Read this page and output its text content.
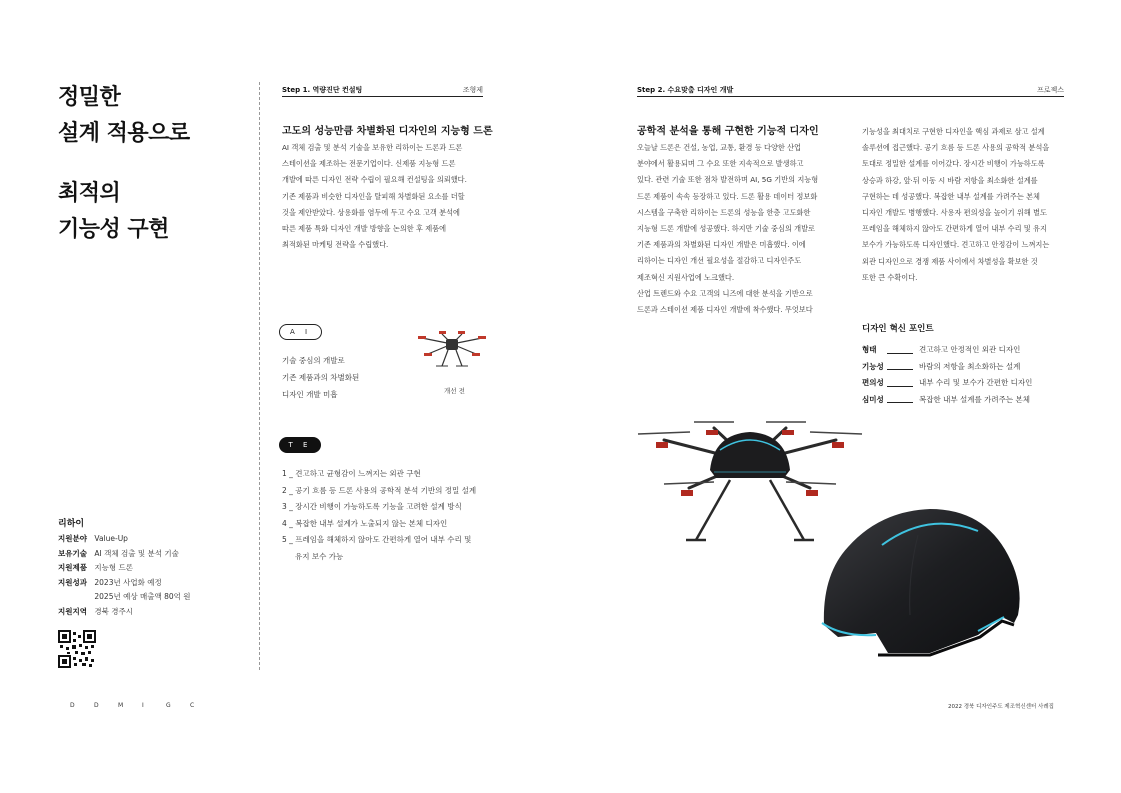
정밀한
설계 적용으로
최적의
기능성 구현
리하이
지원분야 Value-Up
보유기술 AI 객체 검출 및 분석 기술
지원제품 지능형 드론
지원성과 2023년 사업화 예정
2025년 예상 매출액 80억 원
지원지역 경북 경주시
D	D	M	I	G	C
Step 1. 역량진단 컨설팅	조형제
고도의 성능만큼 차별화된 디자인의 지능형 드론
AI 객체 검출 및 분석 기술을 보유한 리하이는 드론과 드론
스테이션을 제조하는 전문기업이다. 신제품 지능형 드론
개발에 따른 디자인 전략 수립이 필요해 컨설팅을 의뢰했다.
기존 제품과 비슷한 디자인을 탈피해 차별화된 요소를 더할
것을 제안받았다. 상용화를 염두에 두고 수요 고객 분석에
따른 제품 특화 디자인 개발 방향을 논의한 후 제품에
최적화된 마케팅 전략을 수립했다.
A I
기술 중심의 개발로
기존 제품과의 차별화된
디자인 개발 미흡	개선 전
T E
1 _ 견고하고 균형감이 느껴지는 외관 구현
2 _ 공기 흐름 등 드론 사용의 공학적 분석 기반의 정밀 설계
3 _ 장시간 비행이 가능하도록 기능을 고려한 설계 방식
4 _ 복잡한 내부 설계가 노출되지 않는 본체 디자인
5 _ 프레임을 해체하지 않아도 간편하게 열어 내부 수리 및
유지 보수 가능
Step 2. 수요맞춤 디자인 개발	프로젝스
공학적 분석을 통해 구현한 기능적 디자인
오늘날 드론은 건설, 농업, 교통, 환경 등 다양한 산업
분야에서 활용되며 그 수요 또한 지속적으로 발생하고
있다. 관련 기술 또한 점차 발전하며 AI, 5G 기반의 지능형
드론 제품이 속속 등장하고 있다. 드론 활용 데이터 정보화
시스템을 구축한 리하이는 드론의 성능을 한층 고도화한
지능형 드론 개발에 성공했다. 하지만 기술 중심의 개발로
기존 제품과의 차별화된 디자인 개발은 미흡했다. 이에
리하이는 디자인 개선 필요성을 절감하고 디자인주도
제조혁신 지원사업에 노크했다.
산업 트렌드와 수요 고객의 니즈에 대한 분석을 기반으로
드론과 스테이션 제품 디자인 개발에 착수했다. 무엇보다
기능성을 최대치로 구현한 디자인을 핵심 과제로 삼고 설계
솔루션에 접근했다. 공기 흐름 등 드론 사용의 공학적 분석을
토대로 정밀한 설계를 이어갔다. 장시간 비행이 가능하도록
상승과 하강, 앞·뒤 이동 시 바람 저항을 최소화한 설계를
구현하는 데 성공했다. 복잡한 내부 설계를 가려주는 본체
디자인 개발도 병행했다. 사용자 편의성을 높이기 위해 별도
프레임을 해체하지 않아도 간편하게 열어 내부 수리 및 유지
보수가 가능하도록 디자인했다. 견고하고 안정감이 느껴지는
외관 디자인으로 경쟁 제품 사이에서 차별성을 확보한 것
또한 큰 수확이다.
디자인 혁신 포인트
형태	견고하고 안정적인 외관 디자인
기능성	바람의 저항을 최소화하는 설계
편의성	내부 수리 및 보수가 간편한 디자인
심미성	복잡한 내부 설계를 가려주는 본체
2022 경북 디자인주도 제조혁신센터 사례집
